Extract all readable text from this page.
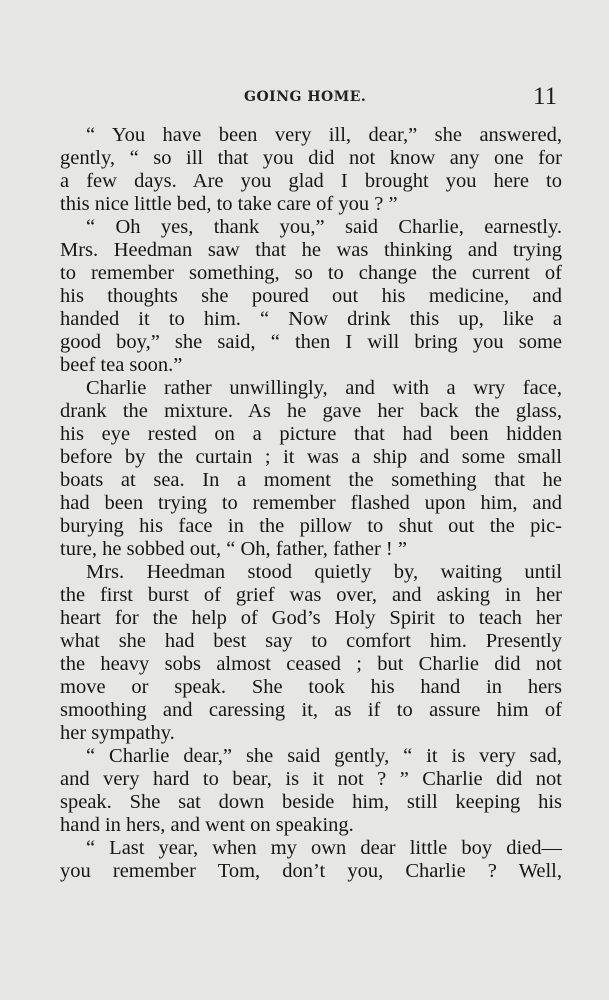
GOING HOME.	11
“ You have been very ill, dear,” she answered,
gently, “ so ill that you did not know any one for
a few days. Are you glad I brought you here to
this nice little bed, to take care of you ? ”
“ Oh yes, thank you,” said Charlie, earnestly.
Mrs. Heedman saw that he was thinking and trying
to remember something, so to change the current of
his thoughts she poured out his medicine, and
handed it to him. “ Now drink this up, like a
good boy,” she said, “ then I will bring you some
beef tea soon.”
Charlie rather unwillingly, and with a wry face,
drank the mixture. As he gave her back the glass,
his eye rested on a picture that had been hidden
before by the curtain ; it was a ship and some small
boats at sea. In a moment the something that he
had been trying to remember flashed upon him, and
burying his face in the pillow to shut out the pic-
ture, he sobbed out, “ Oh, father, father ! ”
Mrs. Heedman stood quietly by, waiting until
the first burst of grief was over, and asking in her
heart for the help of God’s Holy Spirit to teach her
what she had best say to comfort him. Presently
the heavy sobs almost ceased ; but Charlie did not
move or speak. She took his hand in hers
smoothing and caressing it, as if to assure him of
her sympathy.
“ Charlie dear,” she said gently, “ it is very sad,
and very hard to bear, is it not ? ” Charlie did not
speak. She sat down beside him, still keeping his
hand in hers, and went on speaking.
“ Last year, when my own dear little boy died—
you remember Tom, don’t you, Charlie ? Well,
